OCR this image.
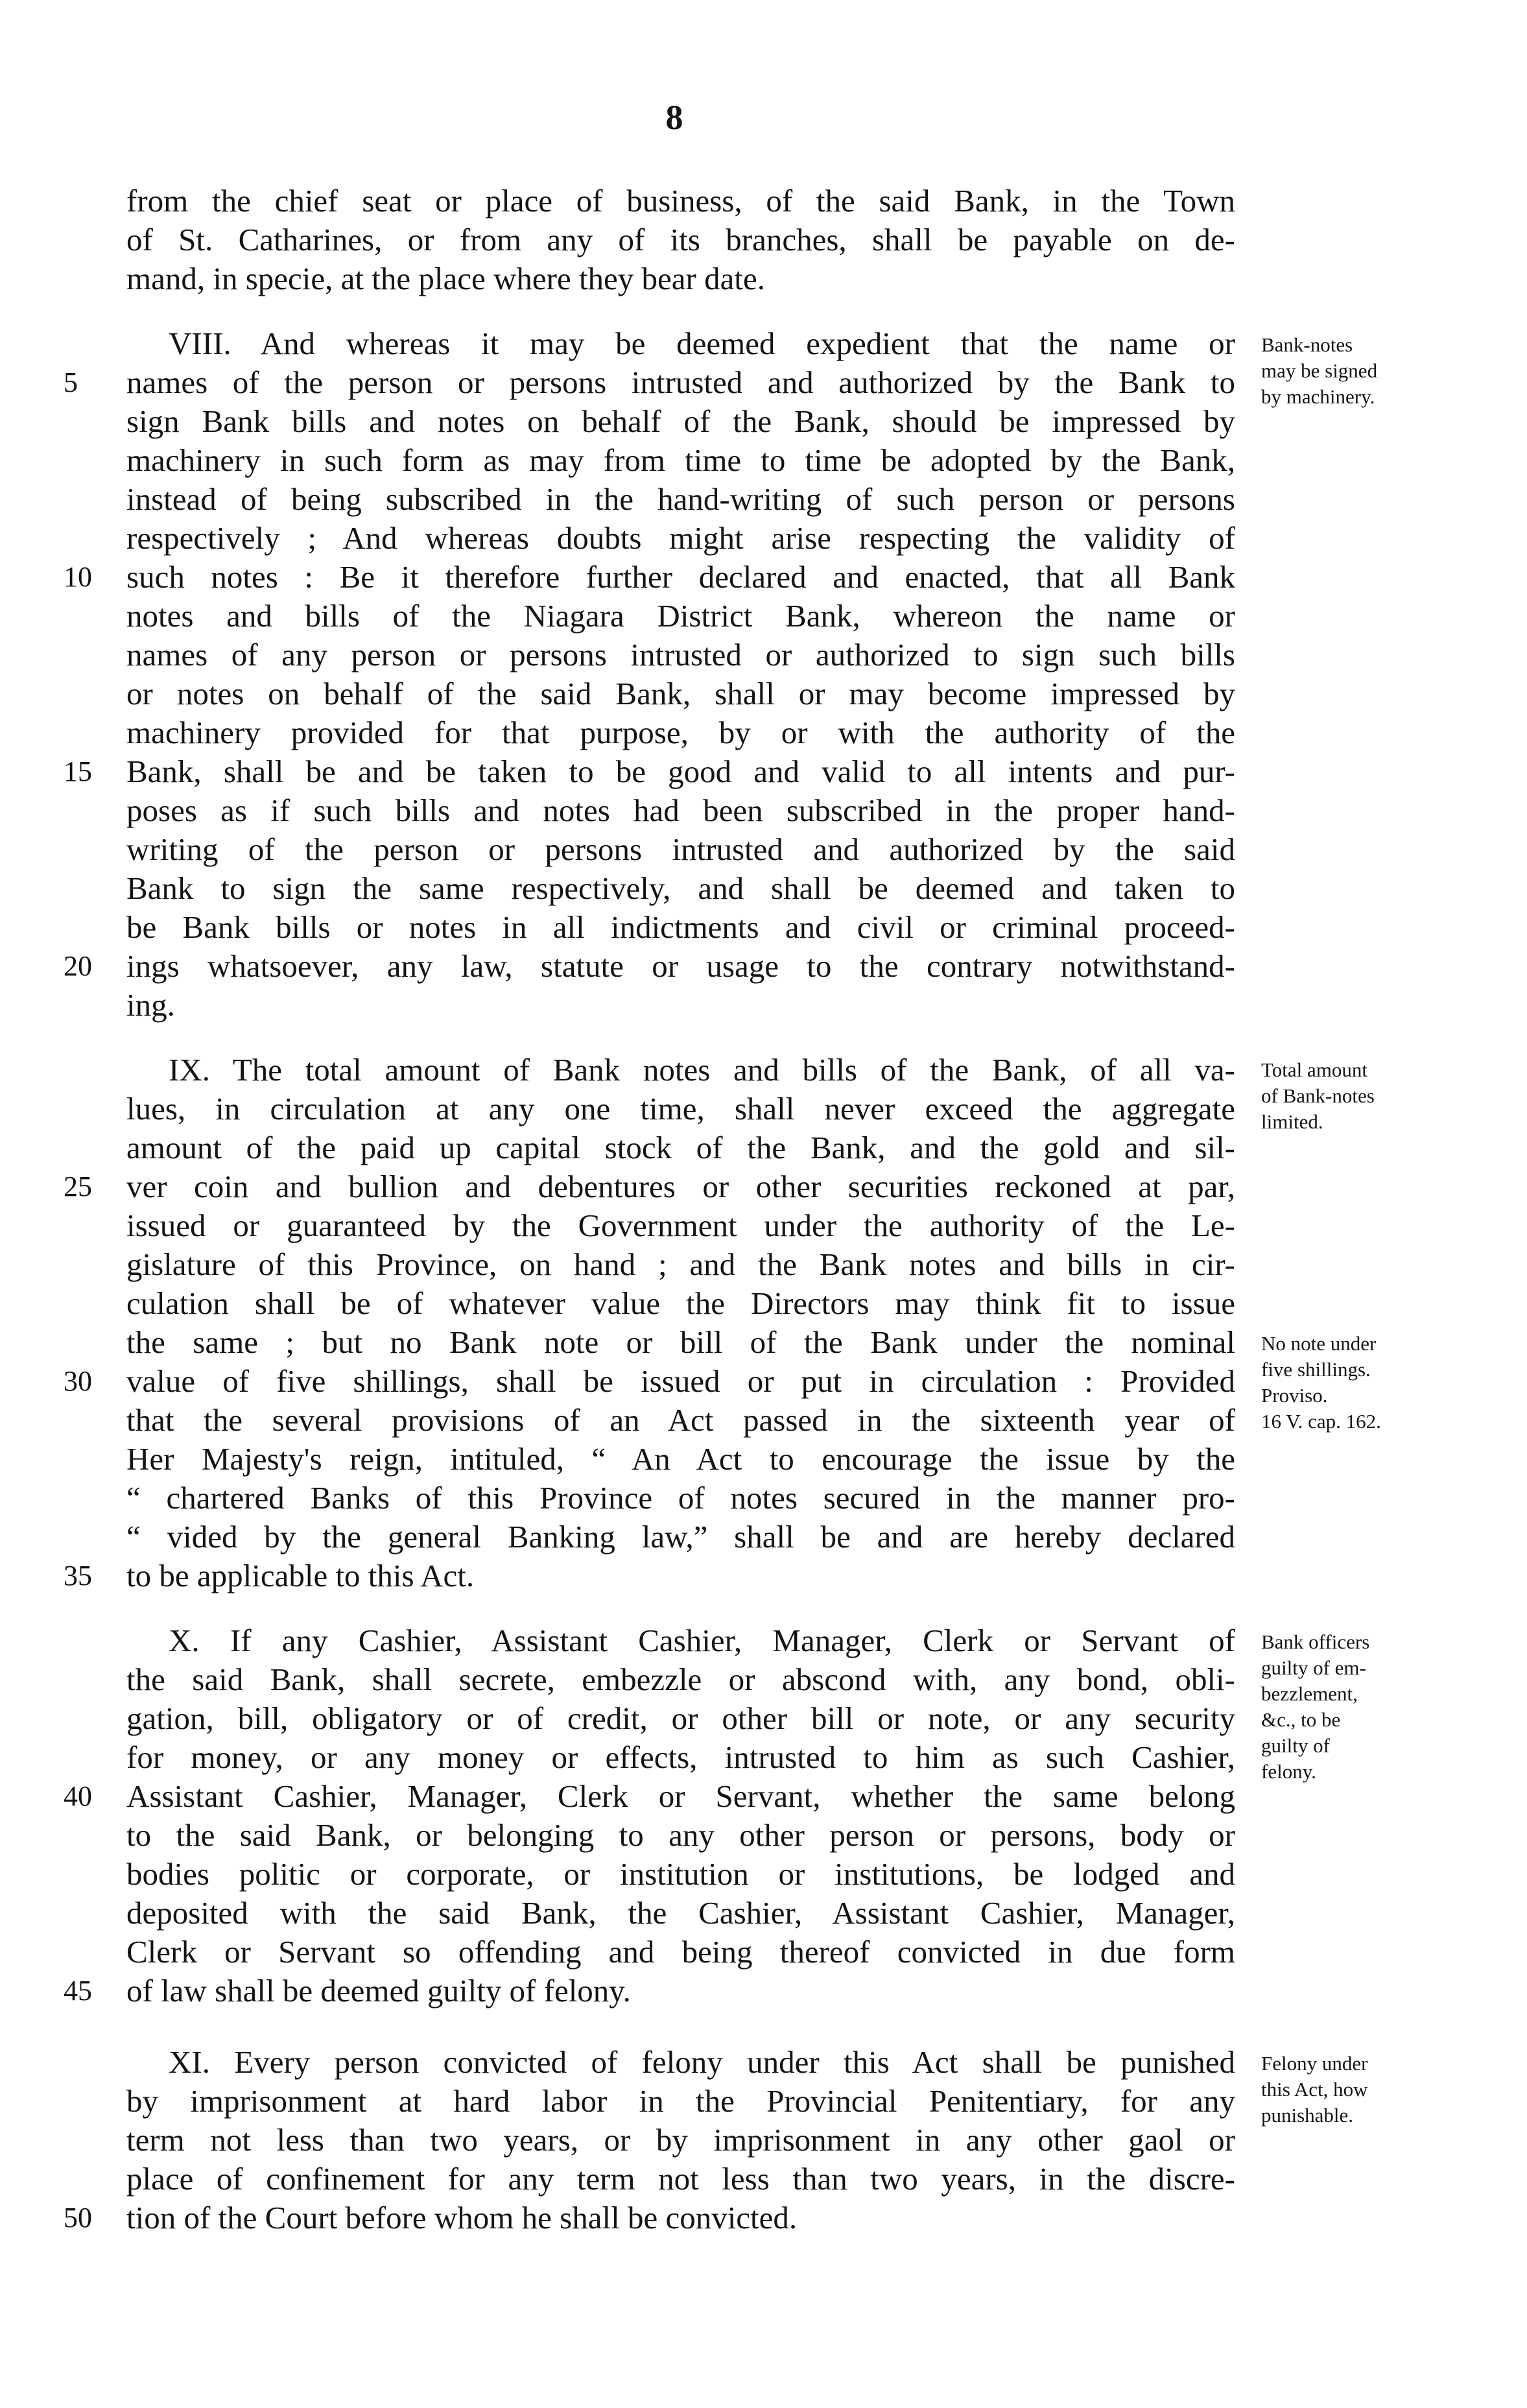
8
from the chief seat or place of business, of the said Bank, in the Town
of St. Catharines, or from any of its branches, shall be payable on de-
mand, in specie, at the place where they bear date.
VIII. And whereas it may be deemed expedient that the name or
names of the person or persons intrusted and authorized by the Bank to
sign Bank bills and notes on behalf of the Bank, should be impressed by
machinery in such form as may from time to time be adopted by the Bank,
instead of being subscribed in the hand-writing of such person or persons
respectively ; And whereas doubts might arise respecting the validity of
such notes : Be it therefore further declared and enacted, that all Bank
notes and bills of the Niagara District Bank, whereon the name or
names of any person or persons intrusted or authorized to sign such bills
or notes on behalf of the said Bank, shall or may become impressed by
machinery provided for that purpose, by or with the authority of the
Bank, shall be and be taken to be good and valid to all intents and pur-
poses as if such bills and notes had been subscribed in the proper hand-
writing of the person or persons intrusted and authorized by the said
Bank to sign the same respectively, and shall be deemed and taken to
be Bank bills or notes in all indictments and civil or criminal proceed-
ings whatsoever, any law, statute or usage to the contrary notwithstand-
ing.
IX. The total amount of Bank notes and bills of the Bank, of all va-
lues, in circulation at any one time, shall never exceed the aggregate
amount of the paid up capital stock of the Bank, and the gold and sil-
ver coin and bullion and debentures or other securities reckoned at par,
issued or guaranteed by the Government under the authority of the Le-
gislature of this Province, on hand ; and the Bank notes and bills in cir-
culation shall be of whatever value the Directors may think fit to issue
the same ; but no Bank note or bill of the Bank under the nominal
value of five shillings, shall be issued or put in circulation : Provided
that the several provisions of an Act passed in the sixteenth year of
Her Majesty's reign, intituled, “ An Act to encourage the issue by the
“ chartered Banks of this Province of notes secured in the manner pro-
“ vided by the general Banking law,” shall be and are hereby declared
to be applicable to this Act.
X. If any Cashier, Assistant Cashier, Manager, Clerk or Servant of
the said Bank, shall secrete, embezzle or abscond with, any bond, obli-
gation, bill, obligatory or of credit, or other bill or note, or any security
for money, or any money or effects, intrusted to him as such Cashier,
Assistant Cashier, Manager, Clerk or Servant, whether the same belong
to the said Bank, or belonging to any other person or persons, body or
bodies politic or corporate, or institution or institutions, be lodged and
deposited with the said Bank, the Cashier, Assistant Cashier, Manager,
Clerk or Servant so offending and being thereof convicted in due form
of law shall be deemed guilty of felony.
XI. Every person convicted of felony under this Act shall be punished
by imprisonment at hard labor in the Provincial Penitentiary, for any
term not less than two years, or by imprisonment in any other gaol or
place of confinement for any term not less than two years, in the discre-
tion of the Court before whom he shall be convicted.
5
10
15
20
25
30
35
40
45
50
Bank-notes
may be signed
by machinery.
Total amount
of Bank-notes
limited.
No note under
five shillings.
Proviso.
16 V. cap. 162.
Bank officers
guilty of em-
bezzlement,
&c., to be
guilty of
felony.
Felony under
this Act, how
punishable.
